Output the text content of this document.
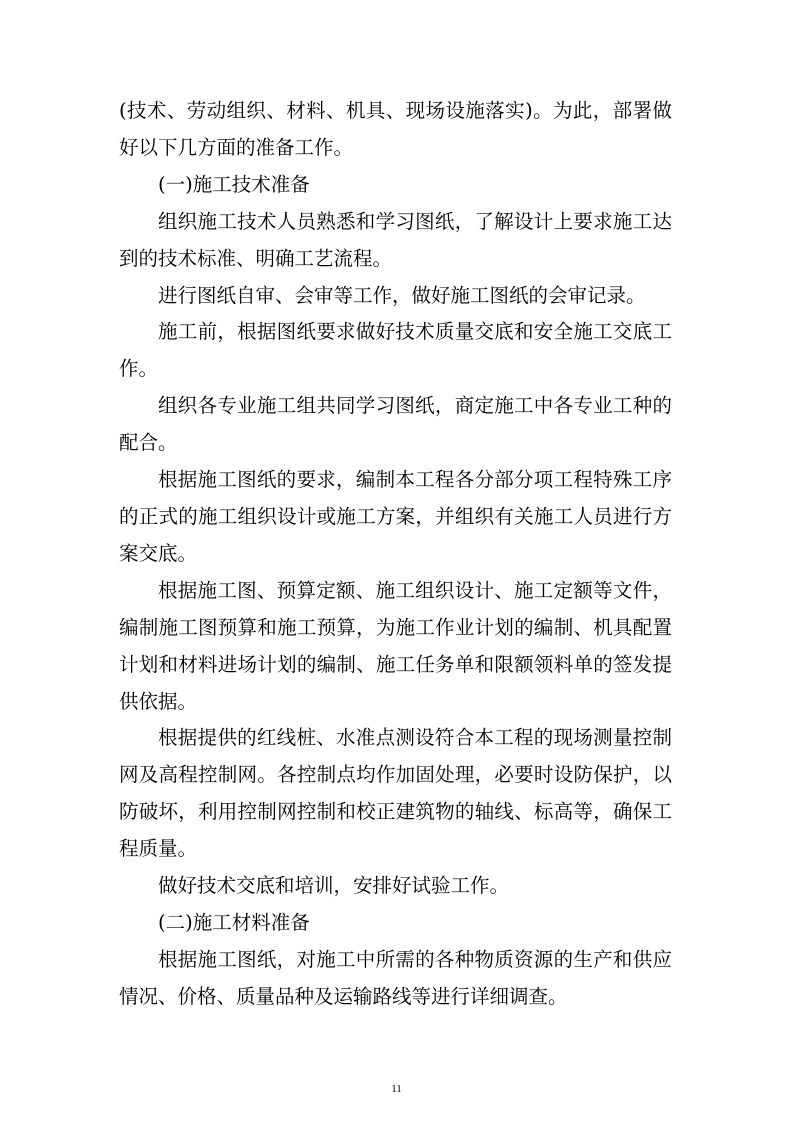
(技术、劳动组织、材料、机具、现场设施落实)。为此，部署做好以下几方面的准备工作。

(一)施工技术准备

组织施工技术人员熟悉和学习图纸，了解设计上要求施工达到的技术标准、明确工艺流程。

进行图纸自审、会审等工作，做好施工图纸的会审记录。

施工前，根据图纸要求做好技术质量交底和安全施工交底工作。

组织各专业施工组共同学习图纸，商定施工中各专业工种的配合。

根据施工图纸的要求，编制本工程各分部分项工程特殊工序的正式的施工组织设计或施工方案，并组织有关施工人员进行方案交底。

根据施工图、预算定额、施工组织设计、施工定额等文件，编制施工图预算和施工预算，为施工作业计划的编制、机具配置计划和材料进场计划的编制、施工任务单和限额领料单的签发提供依据。

根据提供的红线桩、水准点测设符合本工程的现场测量控制网及高程控制网。各控制点均作加固处理，必要时设防保护，以防破坏，利用控制网控制和校正建筑物的轴线、标高等，确保工程质量。

做好技术交底和培训，安排好试验工作。

(二)施工材料准备

根据施工图纸，对施工中所需的各种物质资源的生产和供应情况、价格、质量品种及运输路线等进行详细调查。

11
